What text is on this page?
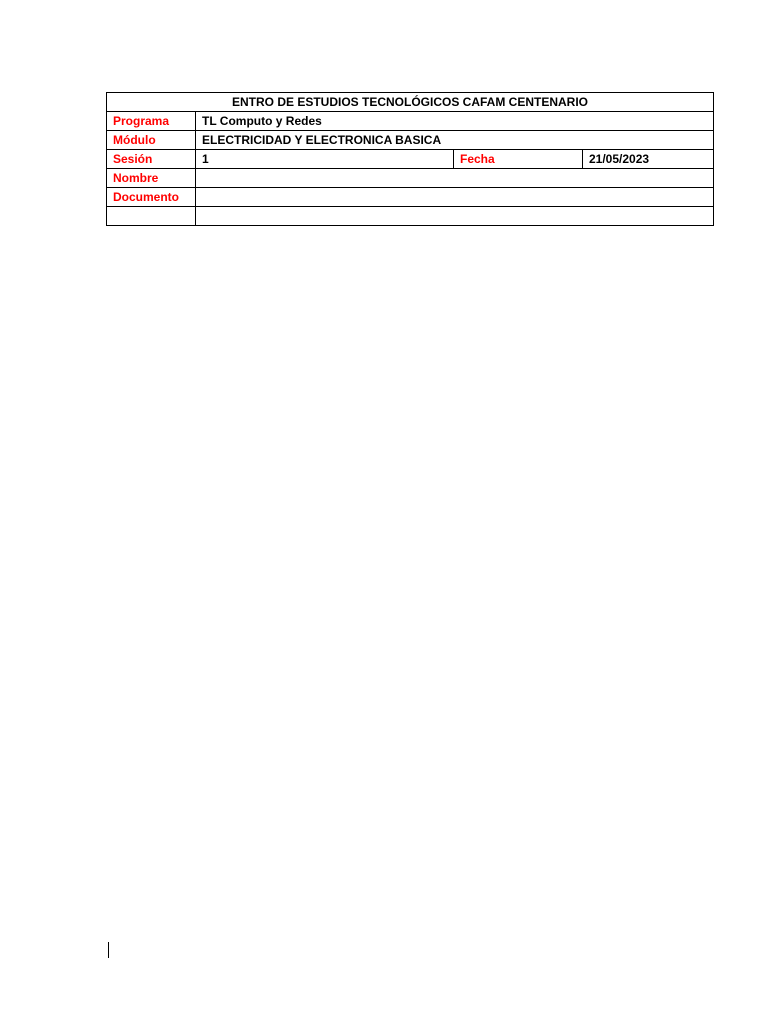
ENTRO DE ESTUDIOS TECNOLÓGICOS CAFAM CENTENARIO			
Programa	TL Computo y Redes		
Módulo	ELECTRICIDAD Y ELECTRONICA BASICA		
Sesión	1	Fecha	21/05/2023
Nombre			
Documento			
